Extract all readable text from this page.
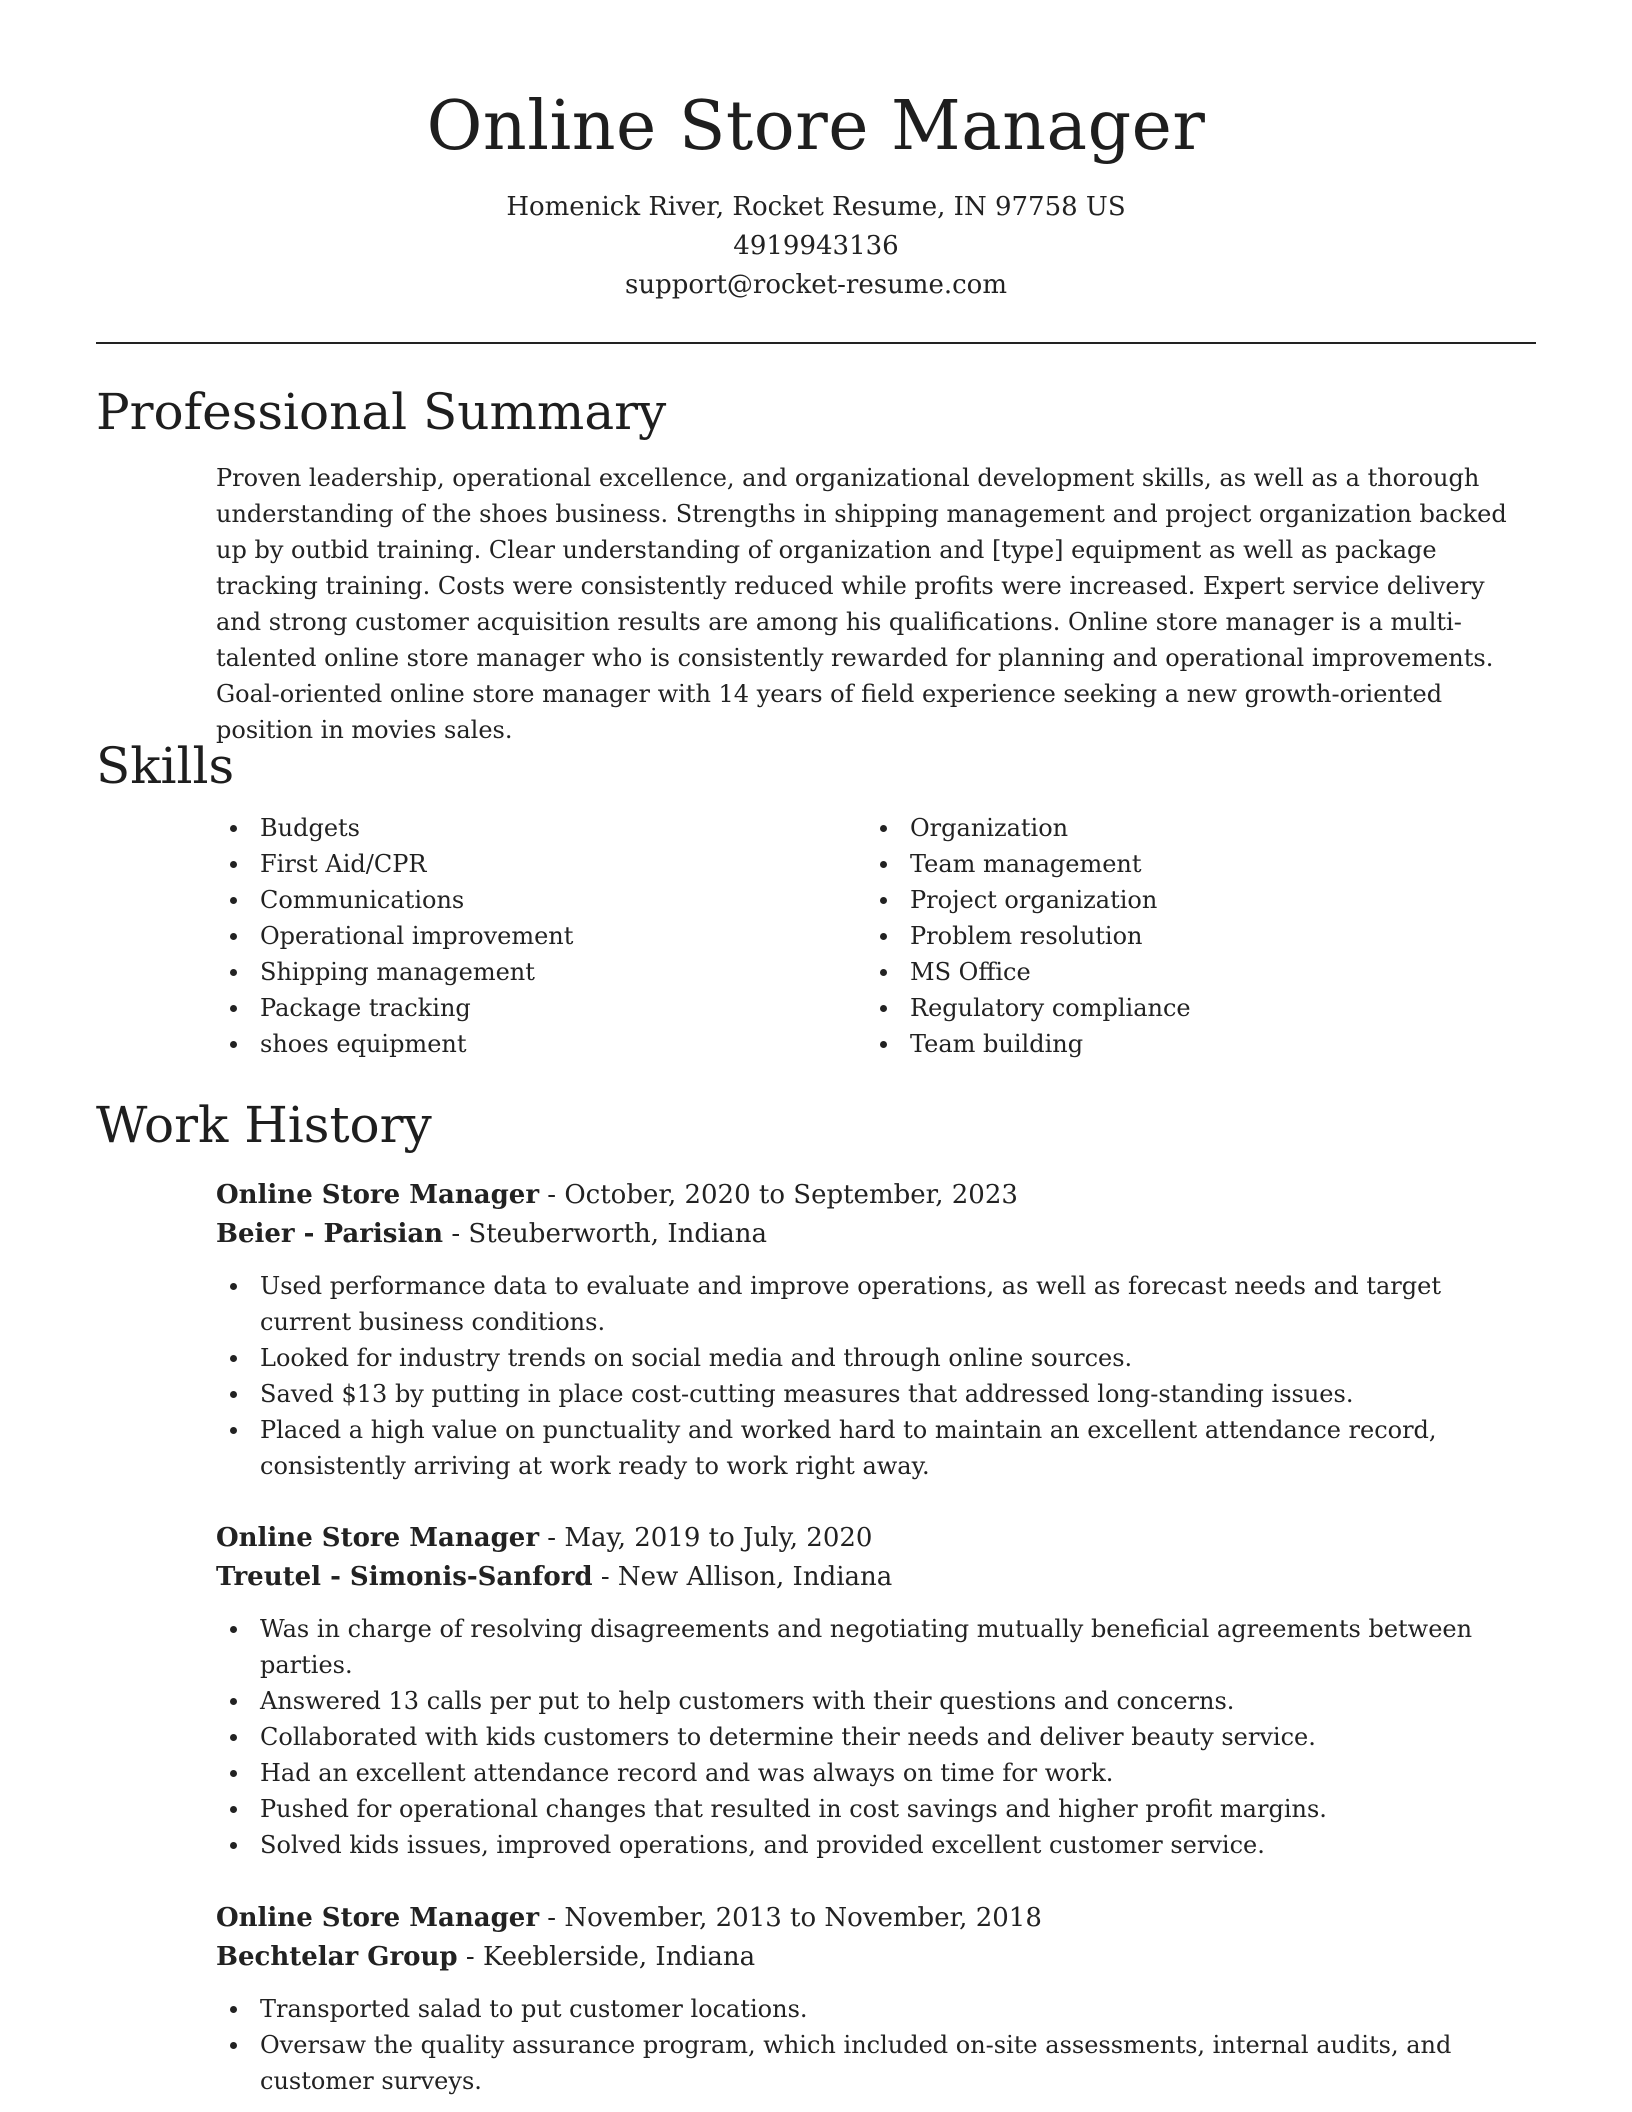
Online Store Manager
Homenick River, Rocket Resume, IN 97758 US
4919943136
support@rocket-resume.com
Professional Summary
Proven leadership, operational excellence, and organizational development skills, as well as a thorough understanding of the shoes business. Strengths in shipping management and project organization backed up by outbid training. Clear understanding of organization and [type] equipment as well as package tracking training. Costs were consistently reduced while profits were increased. Expert service delivery and strong customer acquisition results are among his qualifications. Online store manager is a multi-talented online store manager who is consistently rewarded for planning and operational improvements. Goal-oriented online store manager with 14 years of field experience seeking a new growth-oriented position in movies sales.
Skills
Budgets
First Aid/CPR
Communications
Operational improvement
Shipping management
Package tracking
shoes equipment
Organization
Team management
Project organization
Problem resolution
MS Office
Regulatory compliance
Team building
Work History
Online Store Manager - October, 2020 to September, 2023
Beier - Parisian - Steuberworth, Indiana
Used performance data to evaluate and improve operations, as well as forecast needs and target current business conditions.
Looked for industry trends on social media and through online sources.
Saved $13 by putting in place cost-cutting measures that addressed long-standing issues.
Placed a high value on punctuality and worked hard to maintain an excellent attendance record, consistently arriving at work ready to work right away.
Online Store Manager - May, 2019 to July, 2020
Treutel - Simonis-Sanford - New Allison, Indiana
Was in charge of resolving disagreements and negotiating mutually beneficial agreements between parties.
Answered 13 calls per put to help customers with their questions and concerns.
Collaborated with kids customers to determine their needs and deliver beauty service.
Had an excellent attendance record and was always on time for work.
Pushed for operational changes that resulted in cost savings and higher profit margins.
Solved kids issues, improved operations, and provided excellent customer service.
Online Store Manager - November, 2013 to November, 2018
Bechtelar Group - Keeblerside, Indiana
Transported salad to put customer locations.
Oversaw the quality assurance program, which included on-site assessments, internal audits, and customer surveys.
